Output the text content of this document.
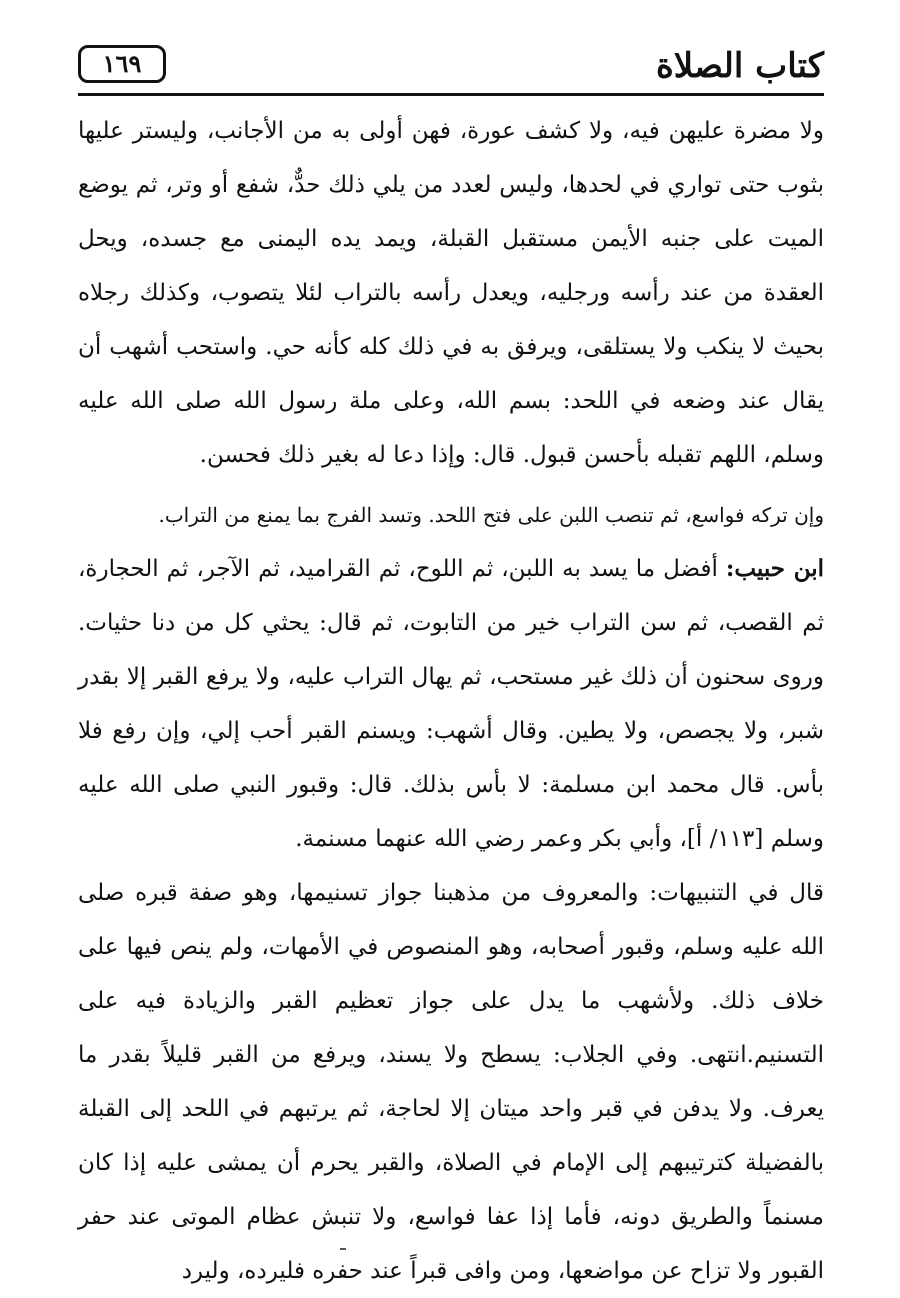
كتاب الصلاة
١٦٩

ولا مضرة عليهن فيه، ولا كشف عورة، فهن أولى به من الأجانب، وليستر عليها بثوب حتى تواري في لحدها، وليس لعدد من يلي ذلك حدٌّ، شفع أو وتر، ثم يوضع الميت على جنبه الأيمن مستقبل القبلة، ويمد يده اليمنى مع جسده، ويحل العقدة من عند رأسه ورجليه، ويعدل رأسه بالتراب لئلا يتصوب، وكذلك رجلاه بحيث لا ينكب ولا يستلقى، ويرفق به في ذلك كله كأنه حي. واستحب أشهب أن يقال عند وضعه في اللحد: بسم الله، وعلى ملة رسول الله صلى الله عليه وسلم، اللهم تقبله بأحسن قبول. قال: وإذا دعا له بغير ذلك فحسن.

وإن تركه فواسع، ثم تنصب اللبن على فتح اللحد. وتسد الفرج بما يمنع من التراب.

ابن حبيب: أفضل ما يسد به اللبن، ثم اللوح، ثم القراميد، ثم الآجر، ثم الحجارة، ثم القصب، ثم سن التراب خير من التابوت، ثم قال: يحثي كل من دنا حثيات. وروى سحنون أن ذلك غير مستحب، ثم يهال التراب عليه، ولا يرفع القبر إلا بقدر شبر، ولا يجصص، ولا يطين. وقال أشهب: ويسنم القبر أحب إلي، وإن رفع فلا بأس. قال محمد ابن مسلمة: لا بأس بذلك. قال: وقبور النبي صلى الله عليه وسلم [١١٣/ أ]، وأبي بكر وعمر رضي الله عنهما مسنمة.

قال في التنبيهات: والمعروف من مذهبنا جواز تسنيمها، وهو صفة قبره صلى الله عليه وسلم، وقبور أصحابه، وهو المنصوص في الأمهات، ولم ينص فيها على خلاف ذلك. ولأشهب ما يدل على جواز تعظيم القبر والزيادة فيه على التسنيم.انتهى. وفي الجلاب: يسطح ولا يسند، ويرفع من القبر قليلاً بقدر ما يعرف. ولا يدفن في قبر واحد ميتان إلا لحاجة، ثم يرتبهم في اللحد إلى القبلة بالفضيلة كترتيبهم إلى الإمام في الصلاة، والقبر يحرم أن يمشى عليه إذا كان مسنماً والطريق دونه، فأما إذا عفا فواسع، ولا تنبش عظام الموتى عند حفر القبور ولا تزاح عن مواضعها، ومن وافى قبراً عند حفره فليرده، وليرد
